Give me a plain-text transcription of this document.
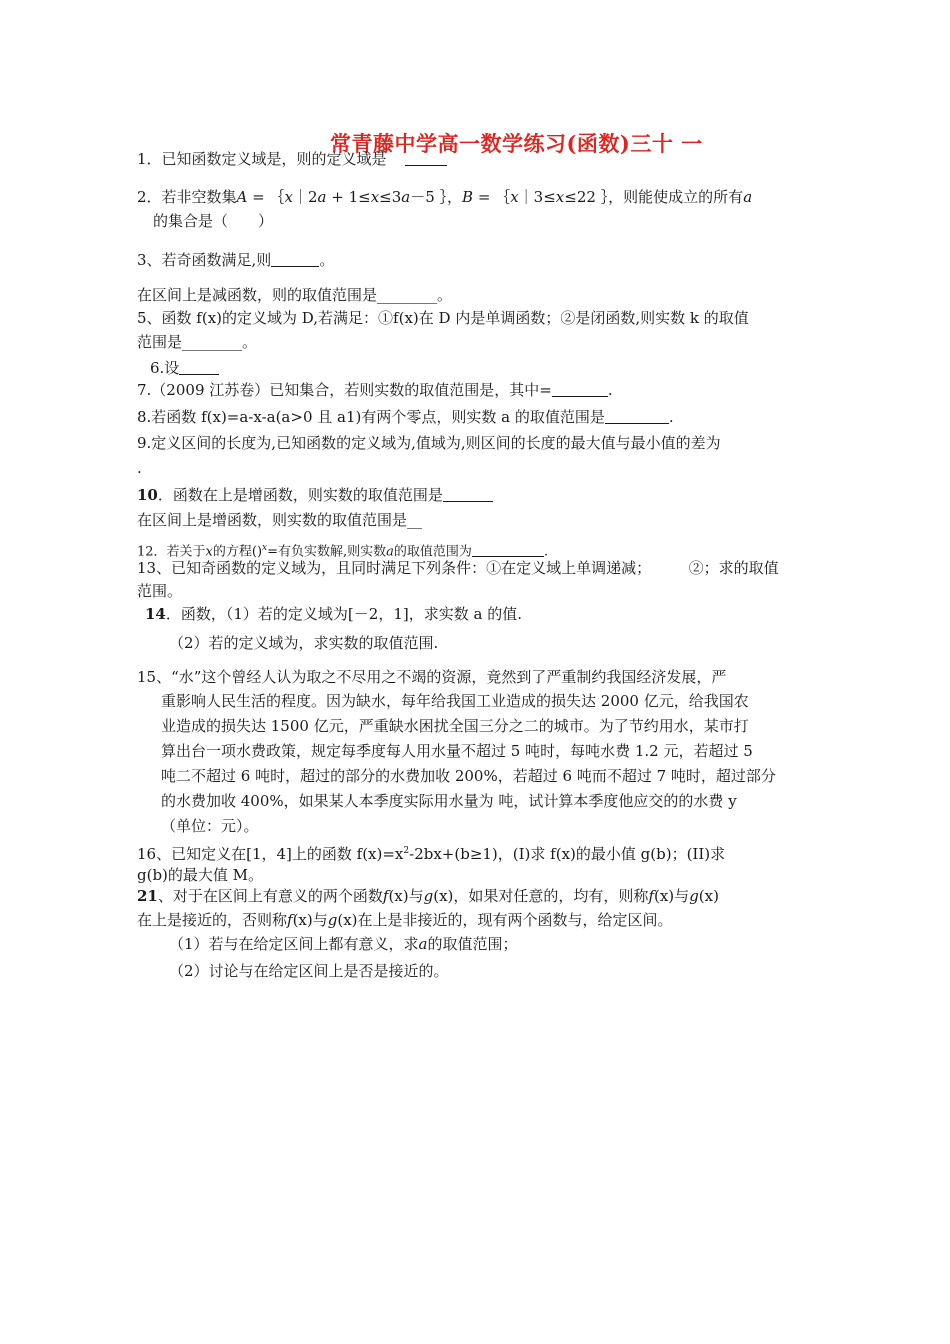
常青藤中学高一数学练习(函数)三十 一
1．已知函数定义域是，则的定义域是
2．若非空数集A = ｛x｜2a + 1≤x≤3a－5 ｝，B = ｛x｜3≤x≤22 ｝，则能使成立的所有a
的集合是（　　）
3、若奇函数满足,则	。
在区间上是减函数，则的取值范围是________。
5、函数 f(x)的定义域为 D,若满足：①f(x)在 D 内是单调函数；②是闭函数,则实数 k 的取值
范围是________。
6.设
7.（2009 江苏卷）已知集合，若则实数的取值范围是，其中=	.
8.若函数 f(x)=a-x-a(a>0 且 a1)有两个零点，则实数 a 的取值范围是	.
9.定义区间的长度为,已知函数的定义域为,值域为,则区间的长度的最大值与最小值的差为
.
10．函数在上是增函数，则实数的取值范围是
在区间上是增函数，则实数的取值范围是__
12．若关于x的方程()$^x$=有负实数解,则实数a的取值范围为	.
13、已知奇函数的定义域为，且同时满足下列条件：①在定义域上单调递减；　　　②；求的取值
范围。
14．函数，（1）若的定义域为[－2，1]，求实数 a 的值.
（2）若的定义域为，求实数的取值范围.
15、“水”这个曾经人认为取之不尽用之不竭的资源，竟然到了严重制约我国经济发展，严
重影响人民生活的程度。因为缺水，每年给我国工业造成的损失达 2000 亿元，给我国农
业造成的损失达 1500 亿元，严重缺水困扰全国三分之二的城市。为了节约用水，某市打
算出台一项水费政策，规定每季度每人用水量不超过 5 吨时，每吨水费 1.2 元，若超过 5
吨二不超过 6 吨时，超过的部分的水费加收 200%，若超过 6 吨而不超过 7 吨时，超过部分
的水费加收 400%，如果某人本季度实际用水量为 吨，试计算本季度他应交的的水费 y
（单位：元）。
16、已知定义在[1，4]上的函数 $f(x)=x^2-2bx+(b\ge 1)$，(I)求 f(x)的最小值 g(b)；(II)求
g(b)的最大值 M。
21、对于在区间上有意义的两个函数f(x)与g(x)，如果对任意的，均有，则称f(x)与g(x)
在上是接近的，否则称f(x)与g(x)在上是非接近的，现有两个函数与，给定区间。
（1）若与在给定区间上都有意义，求a的取值范围；
（2）讨论与在给定区间上是否是接近的。
